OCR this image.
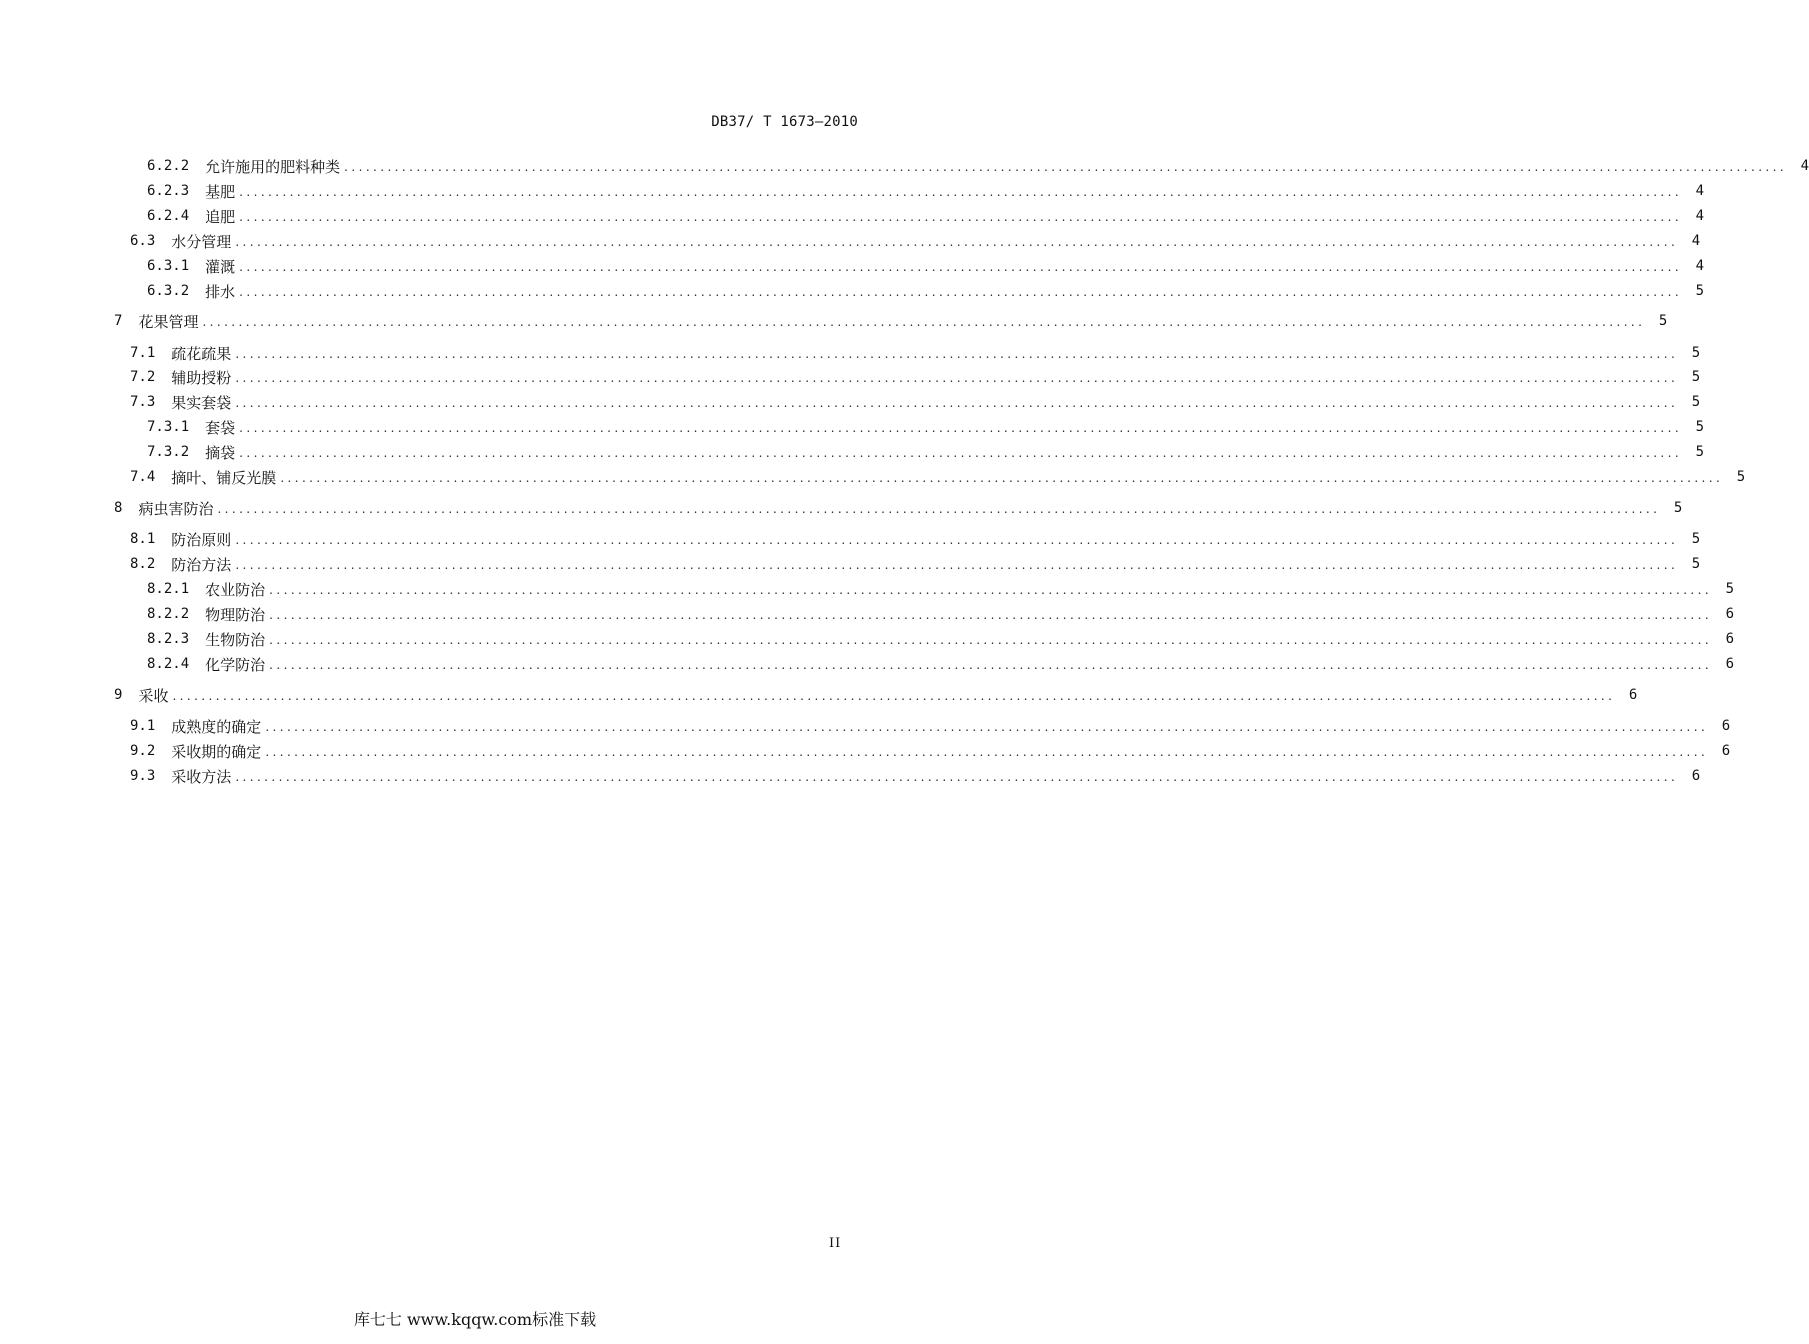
DB37/ T 1673—2010
6.2.2 允许施用的肥料种类 ........................................................................................................................................................................................................ 4
6.2.3 基肥 ........................................................................................................................................................................................................ 4
6.2.4 追肥 ........................................................................................................................................................................................................ 4
6.3 水分管理 ........................................................................................................................................................................................................ 4
6.3.1 灌溉 ........................................................................................................................................................................................................ 4
6.3.2 排水 ........................................................................................................................................................................................................ 5
7 花果管理 ........................................................................................................................................................................................................ 5
7.1 疏花疏果 ........................................................................................................................................................................................................ 5
7.2 辅助授粉 ........................................................................................................................................................................................................ 5
7.3 果实套袋 ........................................................................................................................................................................................................ 5
7.3.1 套袋 ........................................................................................................................................................................................................ 5
7.3.2 摘袋 ........................................................................................................................................................................................................ 5
7.4 摘叶、铺反光膜 ........................................................................................................................................................................................................ 5
8 病虫害防治 ........................................................................................................................................................................................................ 5
8.1 防治原则 ........................................................................................................................................................................................................ 5
8.2 防治方法 ........................................................................................................................................................................................................ 5
8.2.1 农业防治 ........................................................................................................................................................................................................ 5
8.2.2 物理防治 ........................................................................................................................................................................................................ 6
8.2.3 生物防治 ........................................................................................................................................................................................................ 6
8.2.4 化学防治 ........................................................................................................................................................................................................ 6
9 采收 ........................................................................................................................................................................................................ 6
9.1 成熟度的确定 ........................................................................................................................................................................................................ 6
9.2 采收期的确定 ........................................................................................................................................................................................................ 6
9.3 采收方法 ........................................................................................................................................................................................................ 6
II
库七七 www.kqqw.com标准下载
